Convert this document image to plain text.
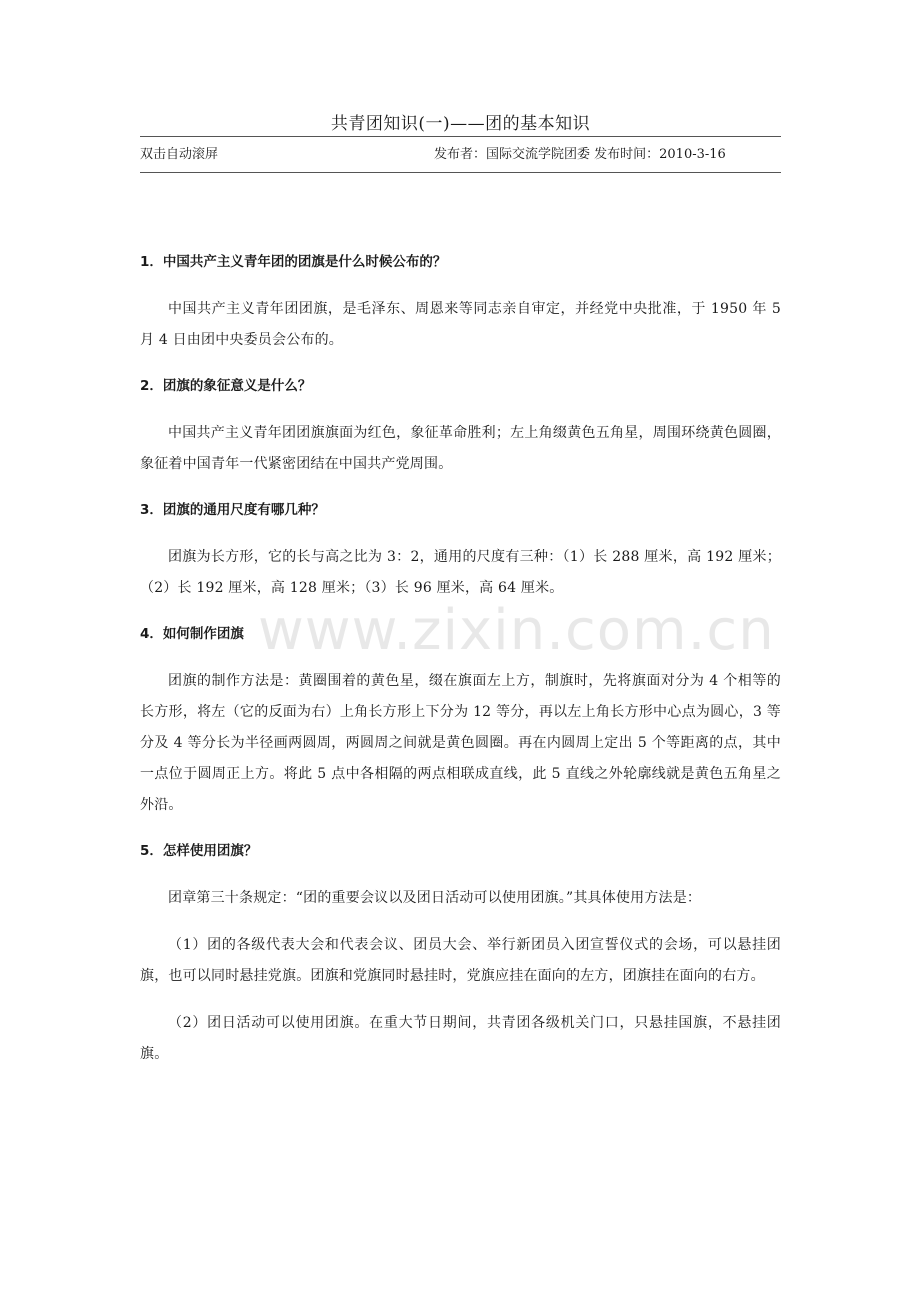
共青团知识(一)——团的基本知识
双击自动滚屏	发布者：国际交流学院团委 发布时间：2010-3-16
1．中国共产主义青年团的团旗是什么时候公布的？

中国共产主义青年团团旗，是毛泽东、周恩来等同志亲自审定，并经党中央批准，于 1950 年 5 月 4 日由团中央委员会公布的。

2．团旗的象征意义是什么？

中国共产主义青年团团旗旗面为红色，象征革命胜利；左上角缀黄色五角星，周围环绕黄色圆圈，象征着中国青年一代紧密团结在中国共产党周围。

3．团旗的通用尺度有哪几种？

团旗为长方形，它的长与高之比为 3：2，通用的尺度有三种：（1）长 288 厘米，高 192 厘米；（2）长 192 厘米，高 128 厘米；（3）长 96 厘米，高 64 厘米。

4．如何制作团旗

团旗的制作方法是：黄圈围着的黄色星，缀在旗面左上方，制旗时，先将旗面对分为 4 个相等的长方形，将左（它的反面为右）上角长方形上下分为 12 等分，再以左上角长方形中心点为圆心，3 等分及 4 等分长为半径画两圆周，两圆周之间就是黄色圆圈。再在内圆周上定出 5 个等距离的点，其中一点位于圆周正上方。将此 5 点中各相隔的两点相联成直线，此 5 直线之外轮廓线就是黄色五角星之外沿。

5．怎样使用团旗？

团章第三十条规定：“团的重要会议以及团日活动可以使用团旗。”其具体使用方法是：

（1）团的各级代表大会和代表会议、团员大会、举行新团员入团宣誓仪式的会场，可以悬挂团旗，也可以同时悬挂党旗。团旗和党旗同时悬挂时，党旗应挂在面向的左方，团旗挂在面向的右方。

（2）团日活动可以使用团旗。在重大节日期间，共青团各级机关门口，只悬挂国旗，不悬挂团旗。

www.zixin.com.cn
